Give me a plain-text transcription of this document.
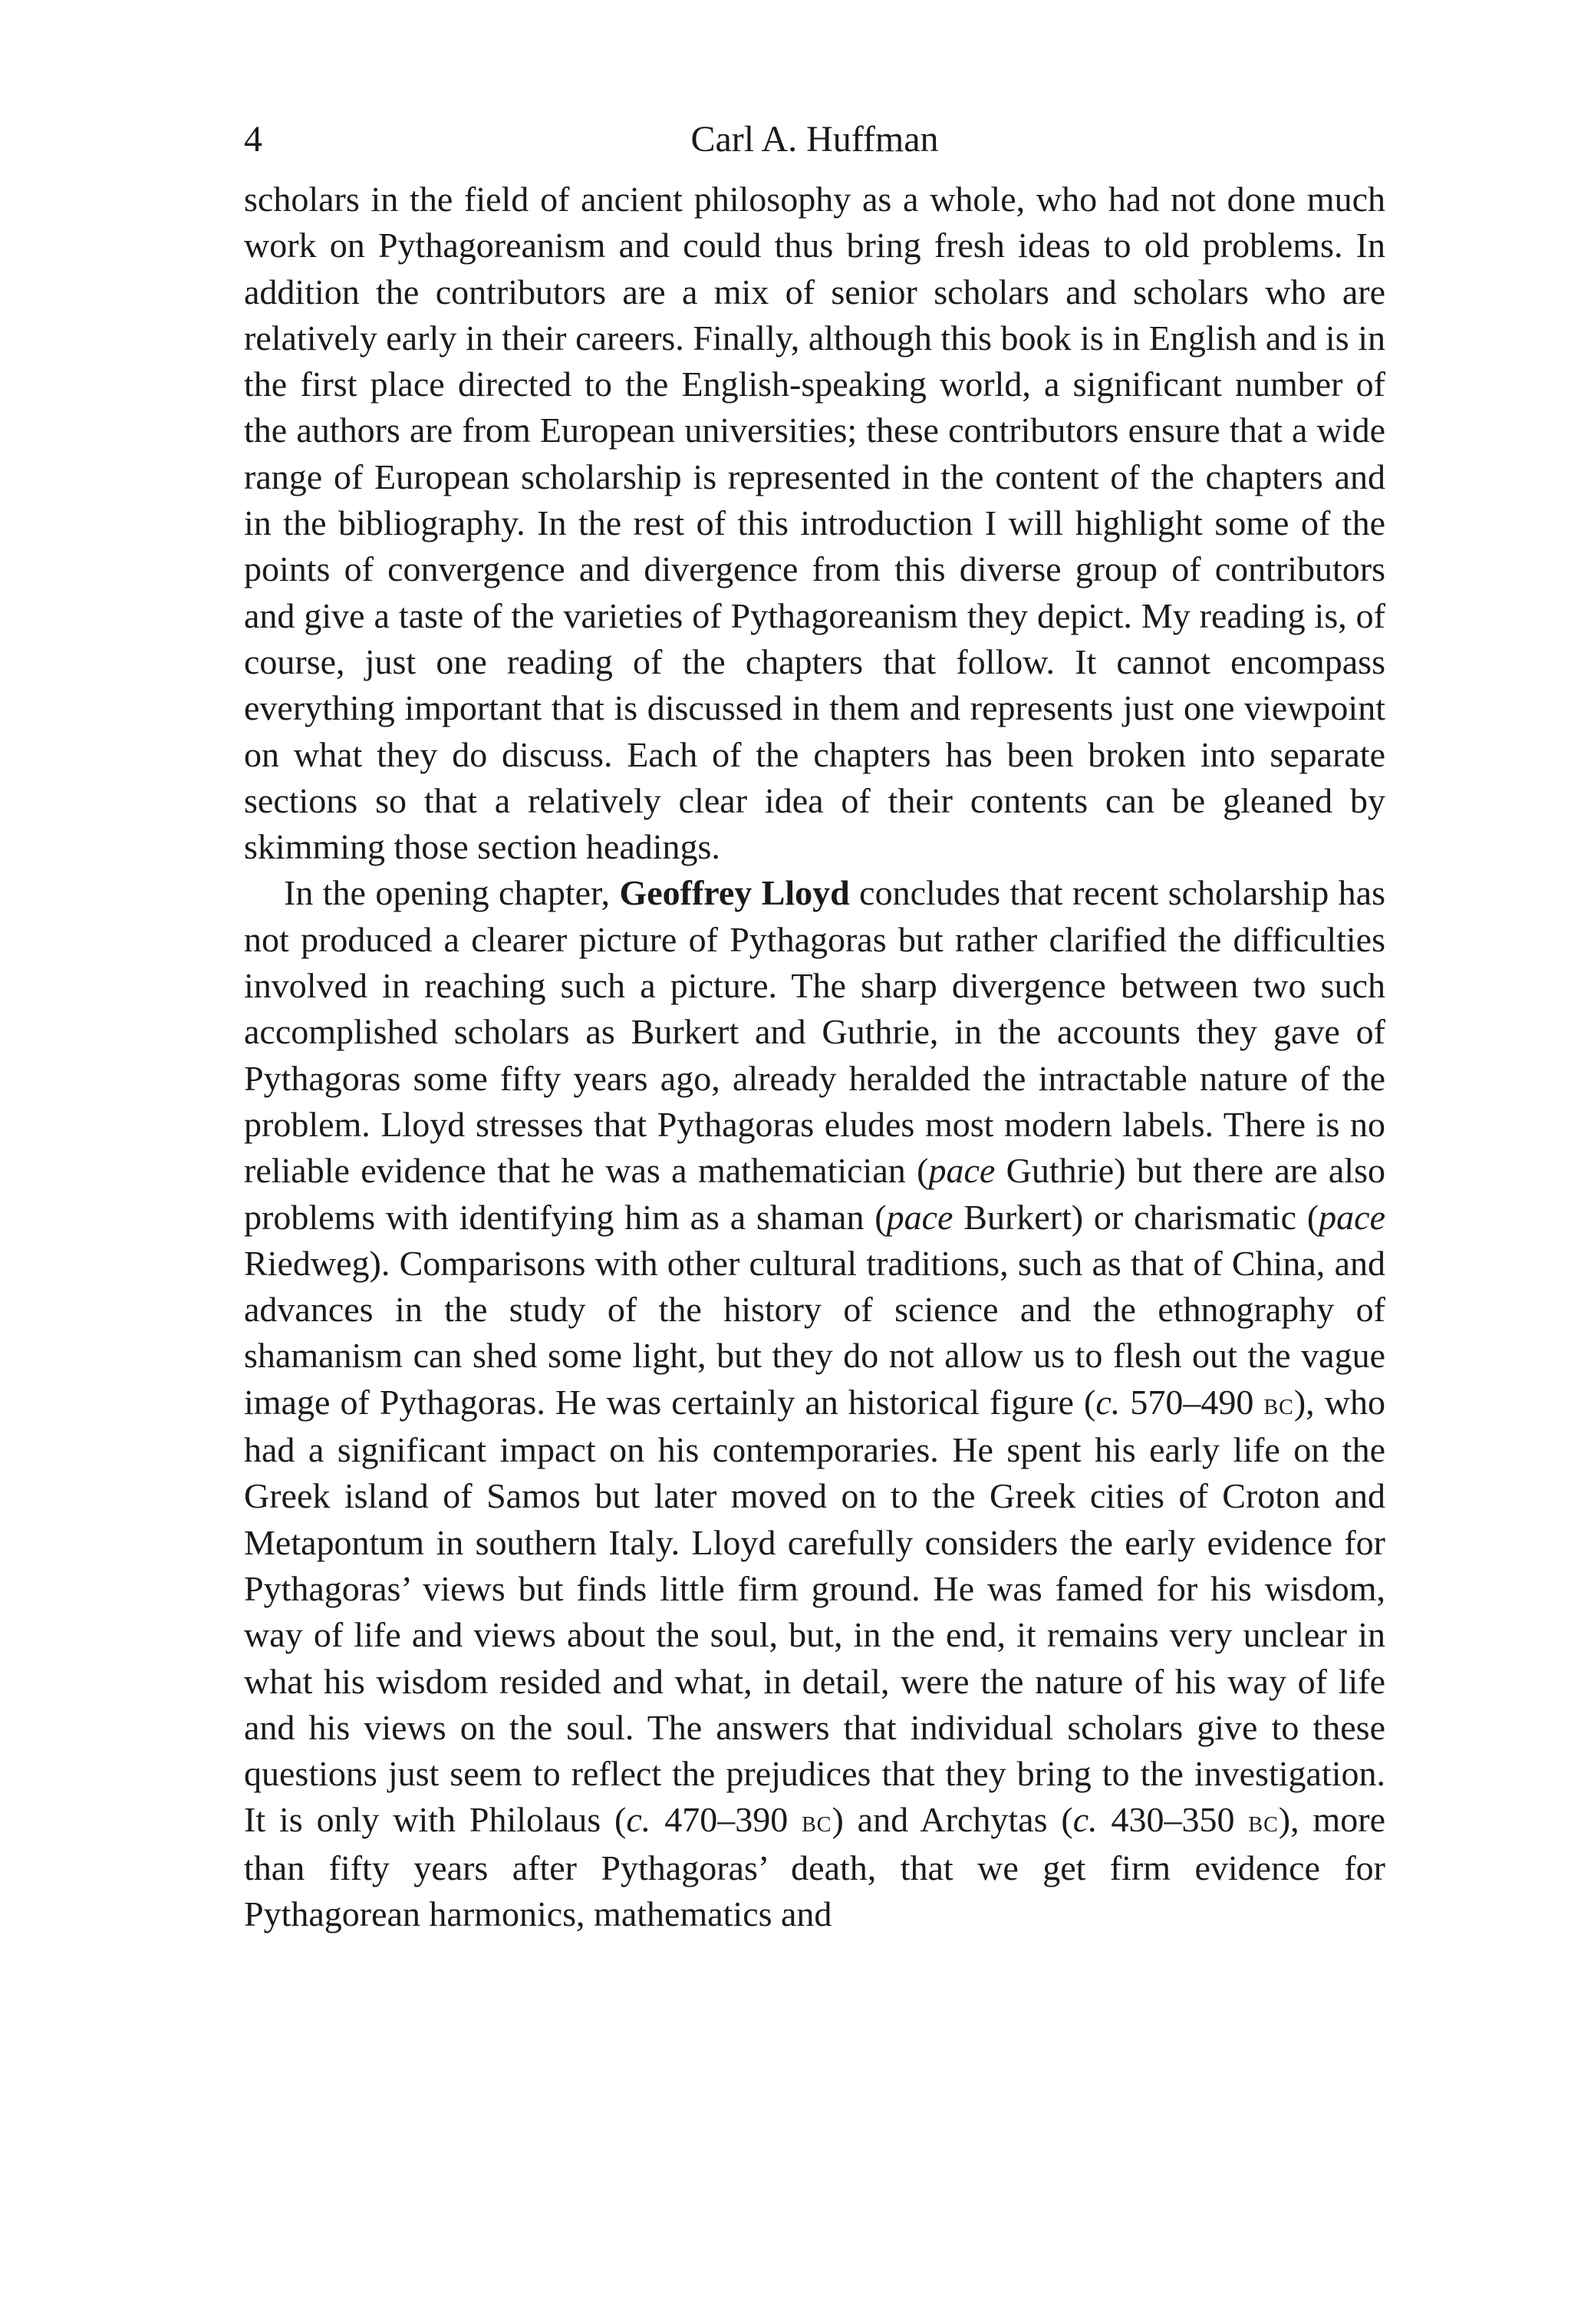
4	Carl A. Huffman

scholars in the field of ancient philosophy as a whole, who had not done much work on Pythagoreanism and could thus bring fresh ideas to old problems. In addition the contributors are a mix of senior scholars and scholars who are relatively early in their careers. Finally, although this book is in English and is in the first place directed to the English-speaking world, a significant number of the authors are from European universities; these contributors ensure that a wide range of European scholarship is represented in the content of the chapters and in the bibliography. In the rest of this introduction I will highlight some of the points of convergence and divergence from this diverse group of contributors and give a taste of the varieties of Pythagoreanism they depict. My reading is, of course, just one reading of the chapters that follow. It cannot encompass everything important that is discussed in them and represents just one viewpoint on what they do discuss. Each of the chapters has been broken into separate sections so that a relatively clear idea of their contents can be gleaned by skimming those section headings.

In the opening chapter, Geoffrey Lloyd concludes that recent scholarship has not produced a clearer picture of Pythagoras but rather clarified the difficulties involved in reaching such a picture. The sharp divergence between two such accomplished scholars as Burkert and Guthrie, in the accounts they gave of Pythagoras some fifty years ago, already heralded the intractable nature of the problem. Lloyd stresses that Pythagoras eludes most modern labels. There is no reliable evidence that he was a mathematician (pace Guthrie) but there are also problems with identifying him as a shaman (pace Burkert) or charismatic (pace Riedweg). Comparisons with other cultural traditions, such as that of China, and advances in the study of the history of science and the ethnography of shamanism can shed some light, but they do not allow us to flesh out the vague image of Pythagoras. He was certainly an historical figure (c. 570–490 bc), who had a significant impact on his contemporaries. He spent his early life on the Greek island of Samos but later moved on to the Greek cities of Croton and Metapontum in southern Italy. Lloyd carefully considers the early evidence for Pythagoras’ views but finds little firm ground. He was famed for his wisdom, way of life and views about the soul, but, in the end, it remains very unclear in what his wisdom resided and what, in detail, were the nature of his way of life and his views on the soul. The answers that individual scholars give to these questions just seem to reflect the prejudices that they bring to the investigation. It is only with Philolaus (c. 470–390 bc) and Archytas (c. 430–350 bc), more than fifty years after Pythagoras’ death, that we get firm evidence for Pythagorean harmonics, mathematics and
